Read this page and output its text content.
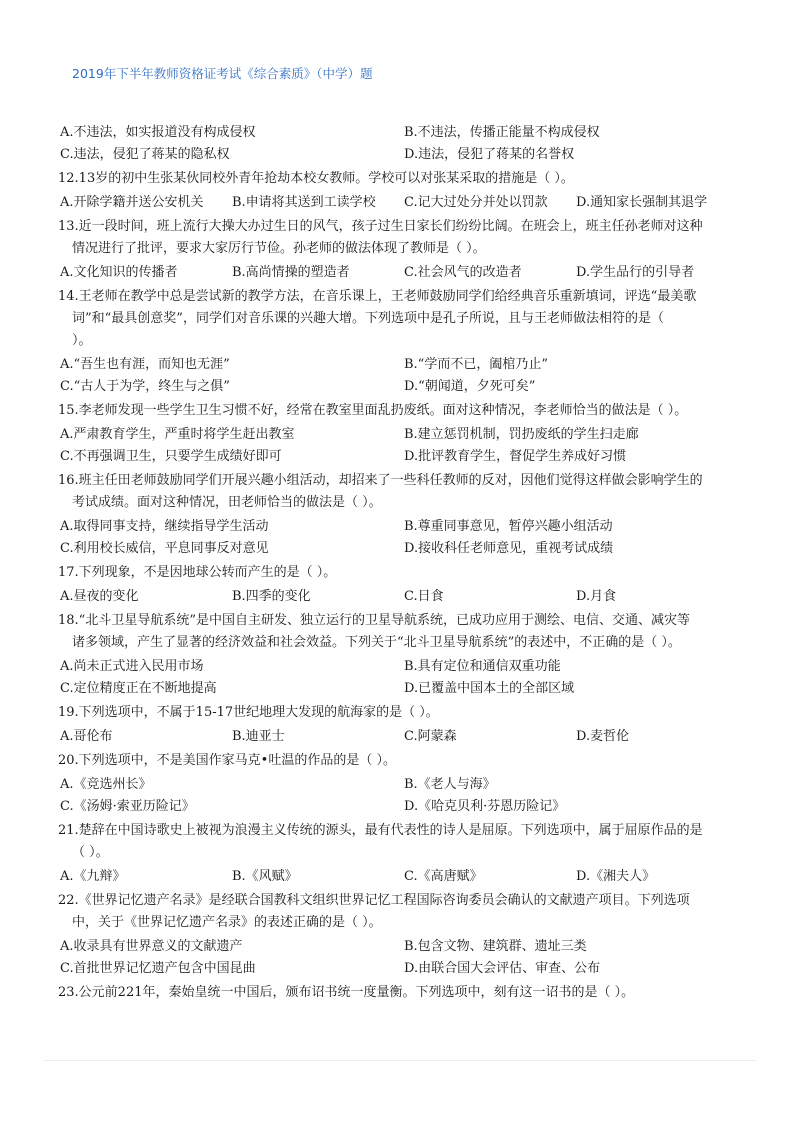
2019年下半年教师资格证考试《综合素质》（中学）题
A.不违法，如实报道没有构成侵权	B.不违法，传播正能量不构成侵权
C.违法，侵犯了蒋某的隐私权	D.违法，侵犯了蒋某的名誉权
12.13岁的初中生张某伙同校外青年抢劫本校女教师。学校可以对张某采取的措施是（ ）。
A.开除学籍并送公安机关	B.申请将其送到工读学校	C.记大过处分并处以罚款	D.通知家长强制其退学
13.近一段时间，班上流行大操大办过生日的风气，孩子过生日家长们纷纷比阔。在班会上，班主任孙老师对这种
情况进行了批评，要求大家厉行节俭。孙老师的做法体现了教师是（ ）。
A.文化知识的传播者	B.高尚情操的塑造者	C.社会风气的改造者	D.学生品行的引导者
14.王老师在教学中总是尝试新的教学方法，在音乐课上，王老师鼓励同学们给经典音乐重新填词，评选“最美歌
词”和“最具创意奖”，同学们对音乐课的兴趣大增。下列选项中是孔子所说，且与王老师做法相符的是（
）。
A.“吾生也有涯，而知也无涯”	B.“学而不已，阖棺乃止”
C.“古人于为学，终生与之俱”	D.“朝闻道，夕死可矣”
15.李老师发现一些学生卫生习惯不好，经常在教室里面乱扔废纸。面对这种情况，李老师恰当的做法是（ ）。
A.严肃教育学生，严重时将学生赶出教室	B.建立惩罚机制，罚扔废纸的学生扫走廊
C.不再强调卫生，只要学生成绩好即可	D.批评教育学生，督促学生养成好习惯
16.班主任田老师鼓励同学们开展兴趣小组活动，却招来了一些科任教师的反对，因他们觉得这样做会影响学生的
考试成绩。面对这种情况，田老师恰当的做法是（ ）。
A.取得同事支持，继续指导学生活动	B.尊重同事意见，暂停兴趣小组活动
C.利用校长威信，平息同事反对意见	D.接收科任老师意见，重视考试成绩
17.下列现象，不是因地球公转而产生的是（ ）。
A.昼夜的变化	B.四季的变化	C.日食	D.月食
18.“北斗卫星导航系统”是中国自主研发、独立运行的卫星导航系统，已成功应用于测绘、电信、交通、减灾等
诸多领域，产生了显著的经济效益和社会效益。下列关于“北斗卫星导航系统”的表述中，不正确的是（ ）。
A.尚未正式进入民用市场	B.具有定位和通信双重功能
C.定位精度正在不断地提高	D.已覆盖中国本土的全部区域
19.下列选项中，不属于15-17世纪地理大发现的航海家的是（ ）。
A.哥伦布	B.迪亚士	C.阿蒙森	D.麦哲伦
20.下列选项中，不是美国作家马克•吐温的作品的是（ ）。
A.《竞选州长》	B.《老人与海》
C.《汤姆·索亚历险记》	D.《哈克贝利·芬恩历险记》
21.楚辞在中国诗歌史上被视为浪漫主义传统的源头，最有代表性的诗人是屈原。下列选项中，属于屈原作品的是
（ ）。
A.《九辩》	B.《风赋》	C.《高唐赋》	D.《湘夫人》
22.《世界记忆遗产名录》是经联合国教科文组织世界记忆工程国际咨询委员会确认的文献遗产项目。下列选项
中，关于《世界记忆遗产名录》的表述正确的是（ ）。
A.收录具有世界意义的文献遗产	B.包含文物、建筑群、遗址三类
C.首批世界记忆遗产包含中国昆曲	D.由联合国大会评估、审查、公布
23.公元前221年，秦始皇统一中国后，颁布诏书统一度量衡。下列选项中，刻有这一诏书的是（ ）。
